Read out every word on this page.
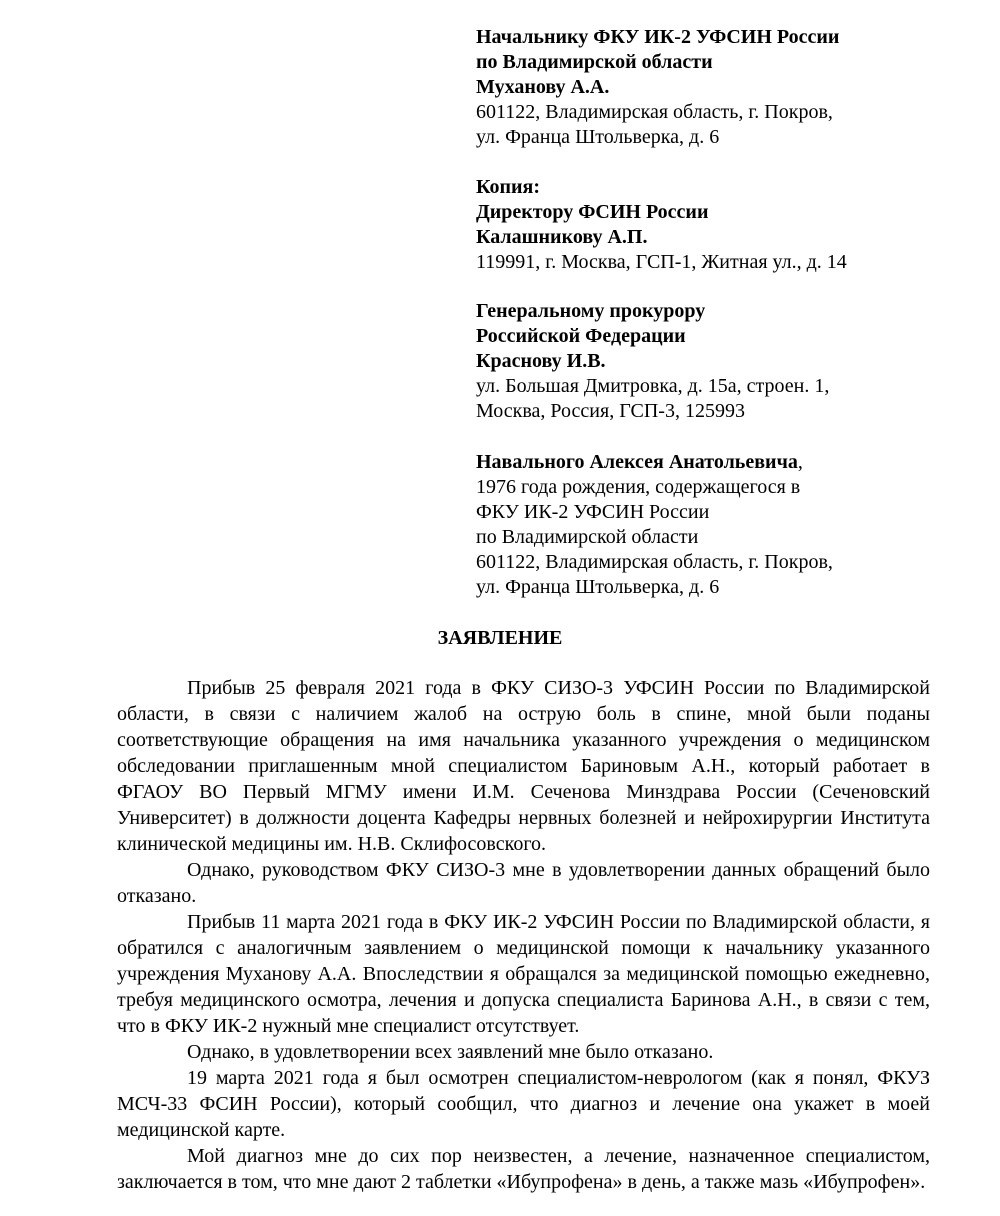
Начальнику ФКУ ИК-2 УФСИН России

по Владимирской области

Муханову А.А.

601122, Владимирская область, г. Покров,

ул. Франца Штольверка, д. 6

Копия:

Директору ФСИН России

Калашникову А.П.

119991, г. Москва, ГСП-1, Житная ул., д. 14

Генеральному прокурору

Российской Федерации

Краснову И.В.

ул. Большая Дмитровка, д. 15а, строен. 1,

Москва, Россия, ГСП-3, 125993

Навального Алексея Анатольевича,

1976 года рождения, содержащегося в

ФКУ ИК-2 УФСИН России

по Владимирской области

601122, Владимирская область, г. Покров,

ул. Франца Штольверка, д. 6

ЗАЯВЛЕНИЕ

Прибыв 25 февраля 2021 года в ФКУ СИЗО-3 УФСИН России по Владимирской области, в связи с наличием жалоб на острую боль в спине, мной были поданы соответствующие обращения на имя начальника указанного учреждения о медицинском обследовании приглашенным мной специалистом Бариновым А.Н., который работает в ФГАОУ ВО Первый МГМУ имени И.М. Сеченова Минздрава России (Сеченовский Университет) в должности доцента Кафедры нервных болезней и нейрохирургии Института клинической медицины им. Н.В. Склифосовского.

Однако, руководством ФКУ СИЗО-3 мне в удовлетворении данных обращений было отказано.

Прибыв 11 марта 2021 года в ФКУ ИК-2 УФСИН России по Владимирской области, я обратился с аналогичным заявлением о медицинской помощи к начальнику указанного учреждения Муханову А.А. Впоследствии я обращался за медицинской помощью ежедневно, требуя медицинского осмотра, лечения и допуска специалиста Баринова А.Н., в связи с тем, что в ФКУ ИК-2 нужный мне специалист отсутствует.

Однако, в удовлетворении всех заявлений мне было отказано.

19 марта 2021 года я был осмотрен специалистом-неврологом (как я понял, ФКУЗ МСЧ-33 ФСИН России), который сообщил, что диагноз и лечение она укажет в моей медицинской карте.

Мой диагноз мне до сих пор неизвестен, а лечение, назначенное специалистом, заключается в том, что мне дают 2 таблетки «Ибупрофена» в день, а также мазь «Ибупрофен».
